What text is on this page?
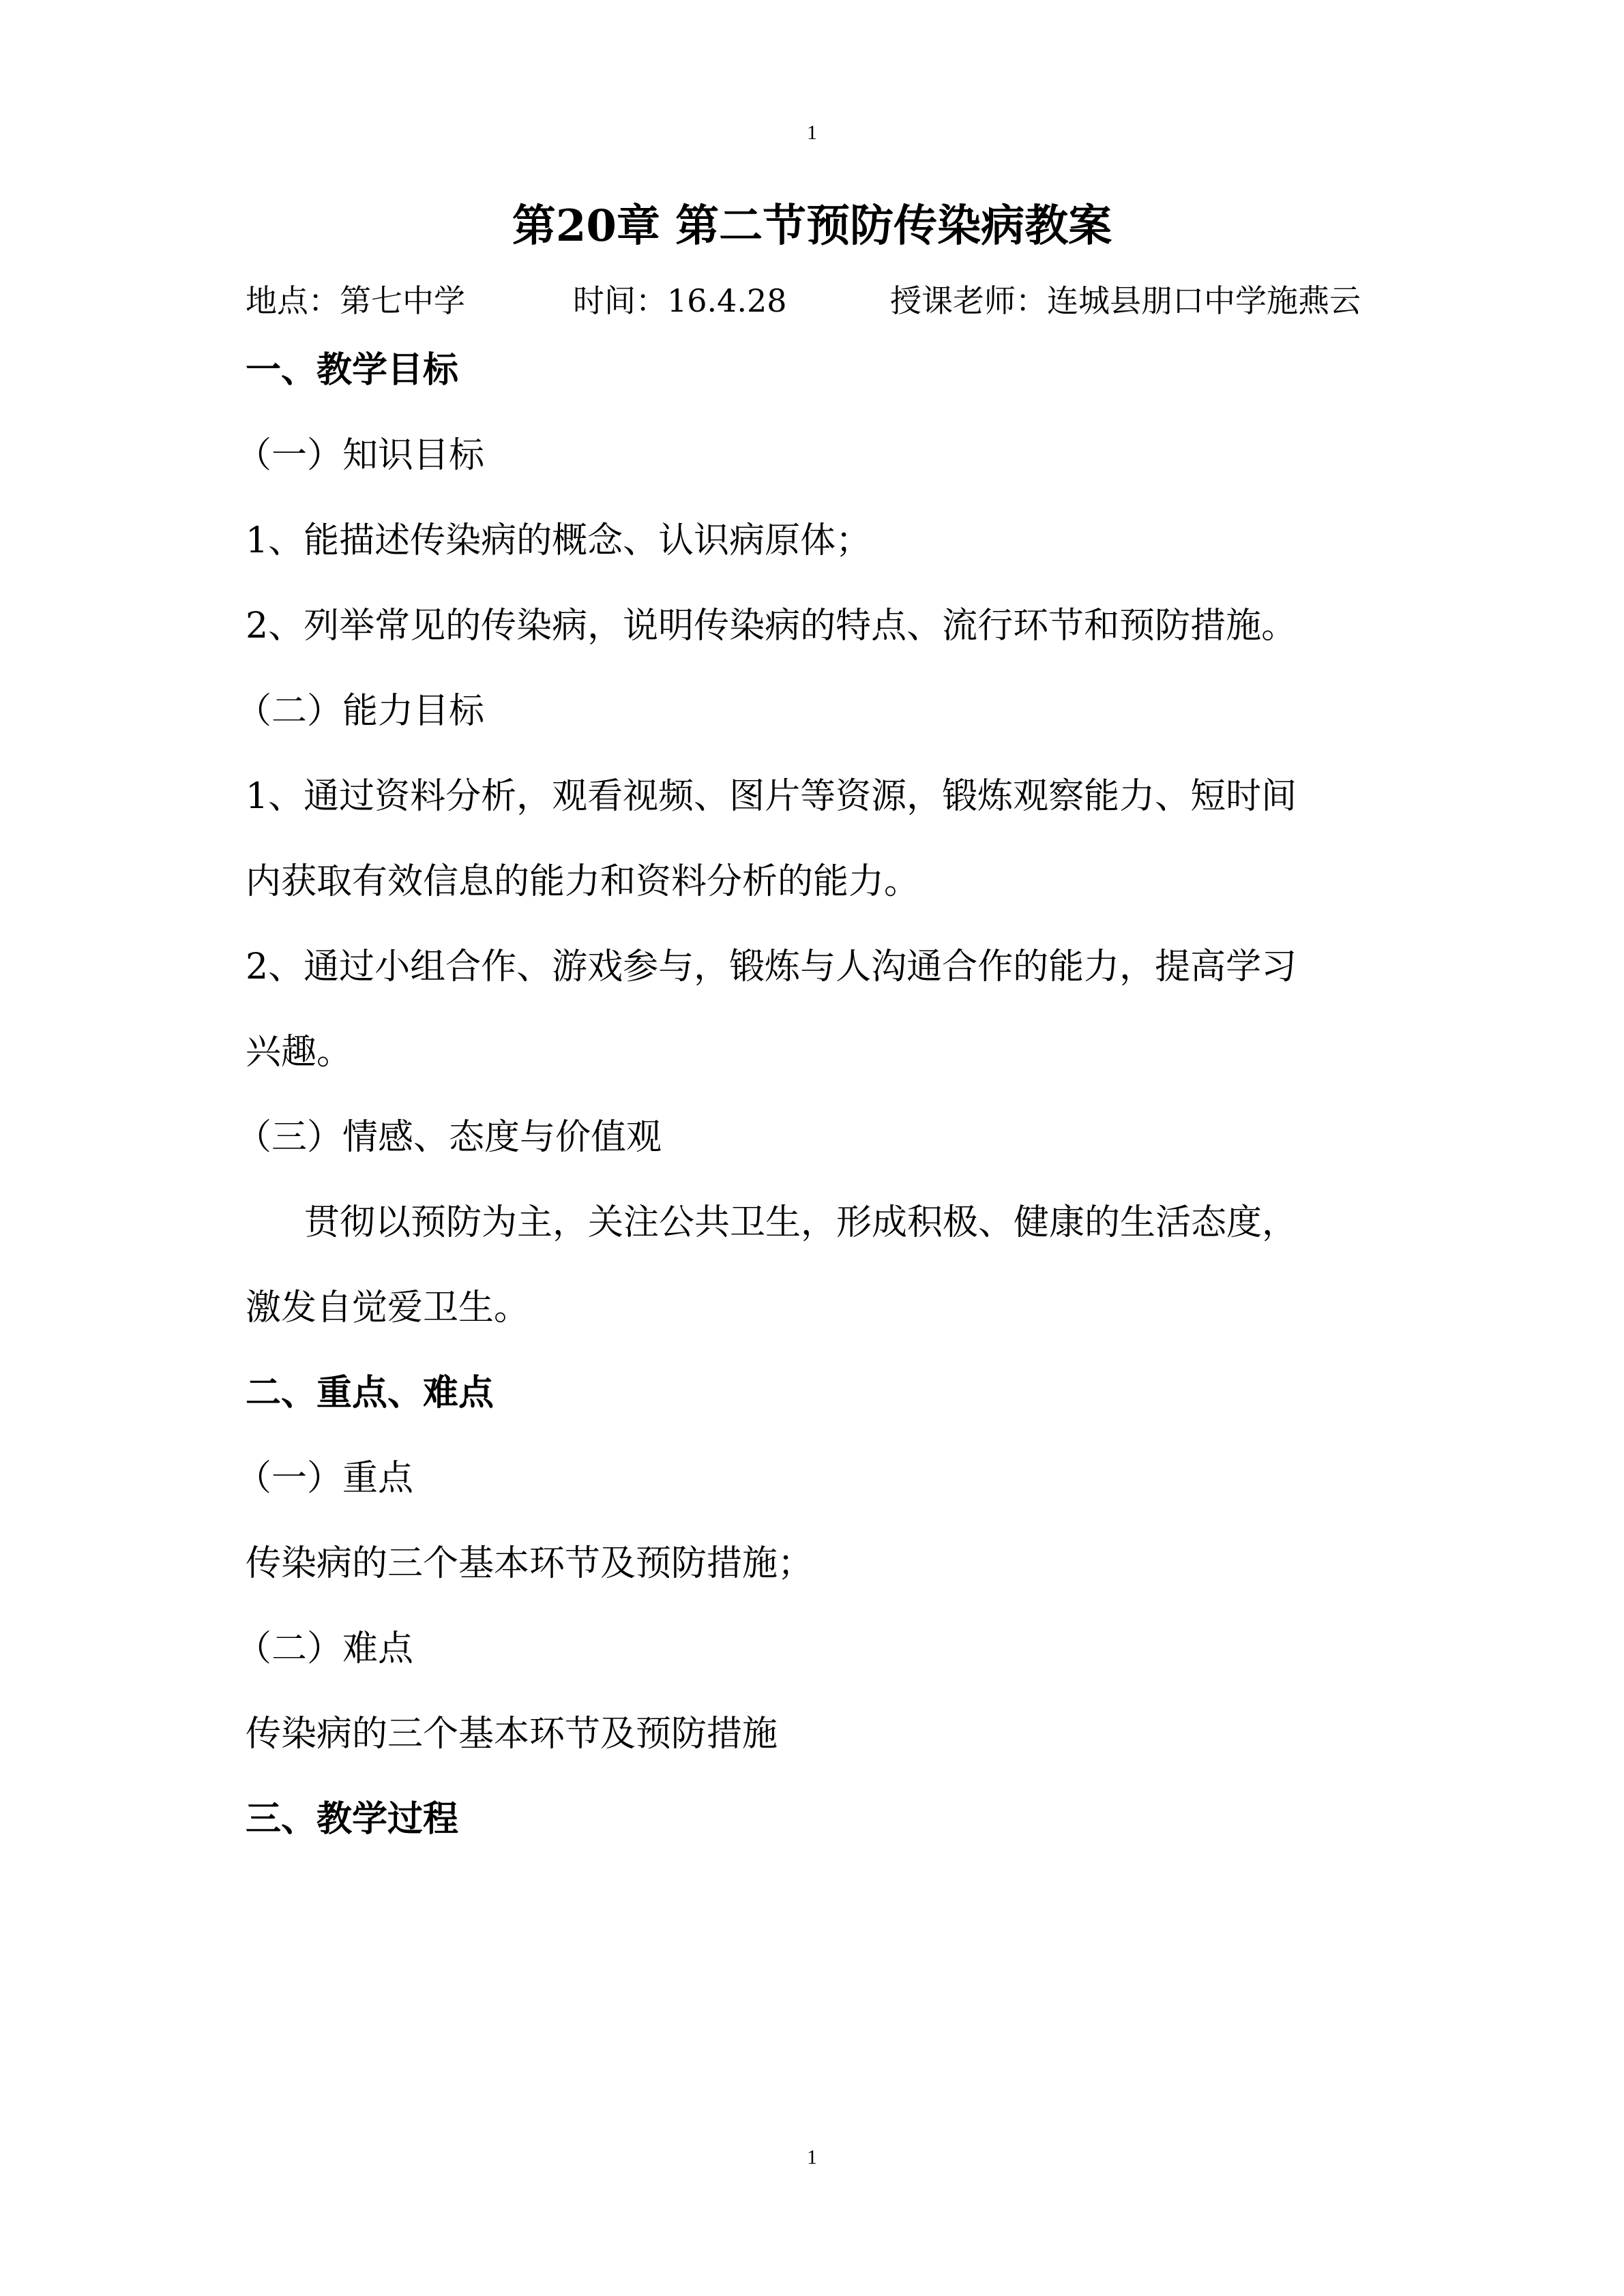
1
第20章 第二节预防传染病教案
地点：第七中学	时间：16.4.28	授课老师：连城县朋口中学施燕云
一、教学目标
（一）知识目标
1、能描述传染病的概念、认识病原体；
2、列举常见的传染病，说明传染病的特点、流行环节和预防措施。
（二）能力目标
1、通过资料分析，观看视频、图片等资源，锻炼观察能力、短时间
内获取有效信息的能力和资料分析的能力。
2、通过小组合作、游戏参与，锻炼与人沟通合作的能力，提高学习
兴趣。
（三）情感、态度与价值观
贯彻以预防为主，关注公共卫生，形成积极、健康的生活态度，
激发自觉爱卫生。
二、重点、难点
（一）重点
传染病的三个基本环节及预防措施；
（二）难点
传染病的三个基本环节及预防措施
三、教学过程
1
